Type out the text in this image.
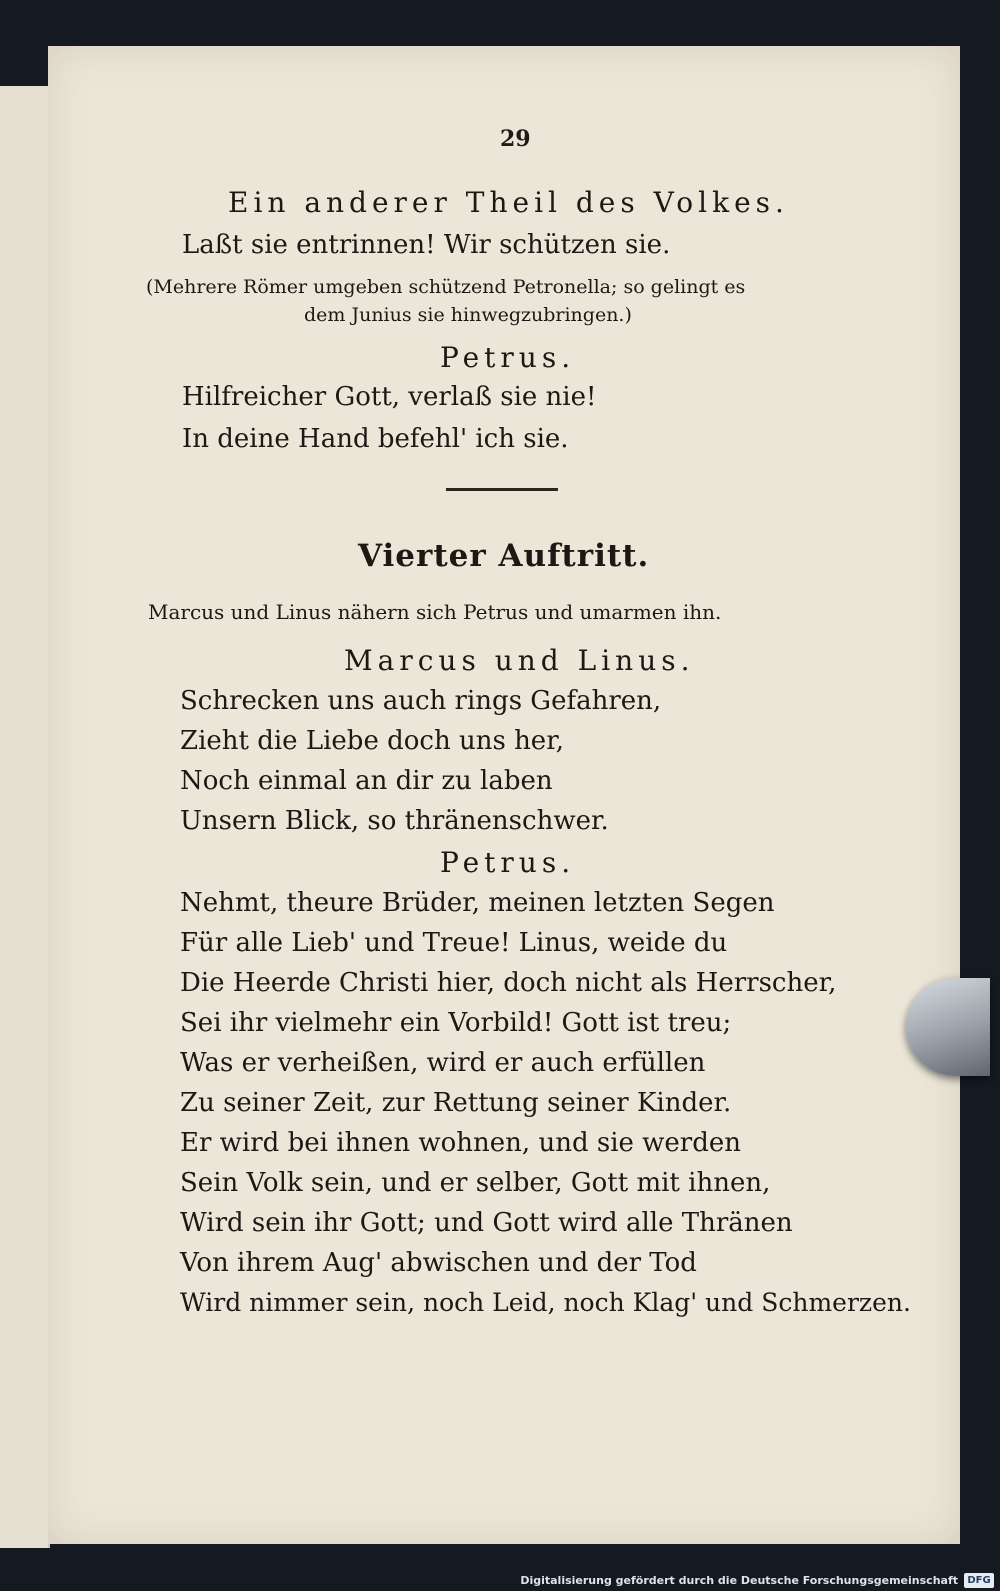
29
Ein anderer Theil des Volkes.
Laßt sie entrinnen! Wir schützen sie.
(Mehrere Römer umgeben schützend Petronella; so gelingt es
dem Junius sie hinwegzubringen.)
Petrus.
Hilfreicher Gott, verlaß sie nie!
In deine Hand befehl' ich sie.
Vierter Auftritt.
Marcus und Linus nähern sich Petrus und umarmen ihn.
Marcus und Linus.
Schrecken uns auch rings Gefahren,
Zieht die Liebe doch uns her,
Noch einmal an dir zu laben
Unsern Blick, so thränenschwer.
Petrus.
Nehmt, theure Brüder, meinen letzten Segen
Für alle Lieb' und Treue! Linus, weide du
Die Heerde Christi hier, doch nicht als Herrscher,
Sei ihr vielmehr ein Vorbild! Gott ist treu;
Was er verheißen, wird er auch erfüllen
Zu seiner Zeit, zur Rettung seiner Kinder.
Er wird bei ihnen wohnen, und sie werden
Sein Volk sein, und er selber, Gott mit ihnen,
Wird sein ihr Gott; und Gott wird alle Thränen
Von ihrem Aug' abwischen und der Tod
Wird nimmer sein, noch Leid, noch Klag' und Schmerzen.
Digitalisierung gefördert durch die Deutsche Forschungsgemeinschaft DFG
